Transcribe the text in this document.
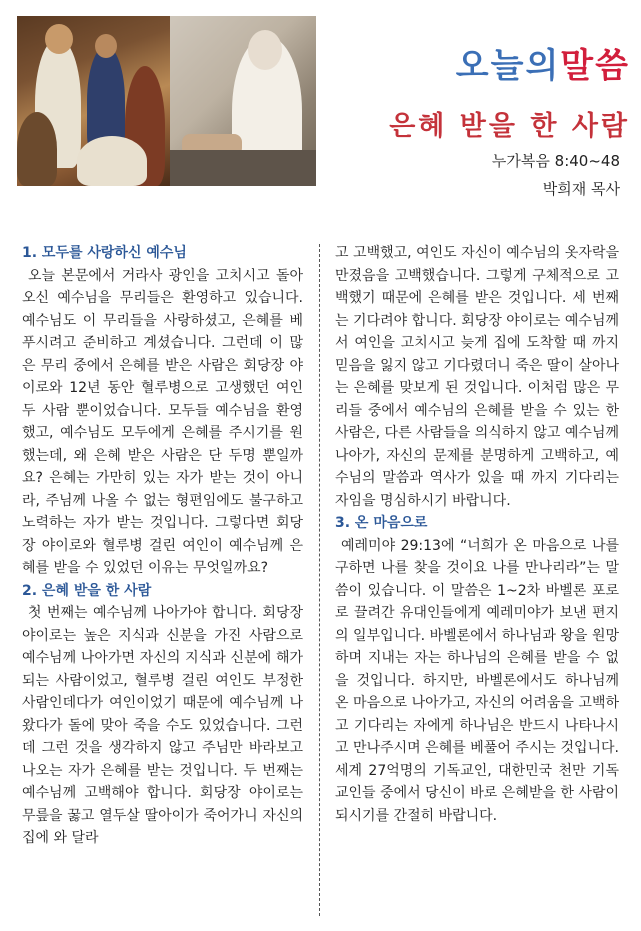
오늘의말씀
은혜 받을 한 사람
누가복음 8:40~48
박희재 목사
1. 모두를 사랑하신 예수님
오늘 본문에서 거라사 광인을 고치시고 돌아오신 예수님을 무리들은 환영하고 있습니다. 예수님도 이 무리들을 사랑하셨고, 은혜를 베푸시려고 준비하고 계셨습니다. 그런데 이 많은 무리 중에서 은혜를 받은 사람은 회당장 야이로와 12년 동안 혈루병으로 고생했던 여인 두 사람 뿐이었습니다. 모두들 예수님을 환영했고, 예수님도 모두에게 은혜를 주시기를 원했는데, 왜 은혜 받은 사람은 단 두명 뿐일까요? 은혜는 가만히 있는 자가 받는 것이 아니라, 주님께 나올 수 없는 형편임에도 불구하고 노력하는 자가 받는 것입니다. 그렇다면 회당장 야이로와 혈루병 걸린 여인이 예수님께 은혜를 받을 수 있었던 이유는 무엇일까요?
2. 은혜 받을 한 사람
첫 번째는 예수님께 나아가야 합니다. 회당장 야이로는 높은 지식과 신분을 가진 사람으로 예수님께 나아가면 자신의 지식과 신분에 해가 되는 사람이었고, 혈루병 걸린 여인도 부정한 사람인데다가 여인이었기 때문에 예수님께 나왔다가 돌에 맞아 죽을 수도 있었습니다. 그런데 그런 것을 생각하지 않고 주님만 바라보고 나오는 자가 은혜를 받는 것입니다. 두 번째는 예수님께 고백해야 합니다. 회당장 야이로는 무릎을 꿇고 열두살 딸아이가 죽어가니 자신의 집에 와 달라
고 고백했고, 여인도 자신이 예수님의 옷자락을 만졌음을 고백했습니다. 그렇게 구체적으로 고백했기 때문에 은혜를 받은 것입니다. 세 번째는 기다려야 합니다. 회당장 야이로는 예수님께서 여인을 고치시고 늦게 집에 도착할 때 까지 믿음을 잃지 않고 기다렸더니 죽은 딸이 살아나는 은혜를 맞보게 된 것입니다. 이처럼 많은 무리들 중에서 예수님의 은혜를 받을 수 있는 한 사람은, 다른 사람들을 의식하지 않고 예수님께 나아가, 자신의 문제를 분명하게 고백하고, 예수님의 말씀과 역사가 있을 때 까지 기다리는 자임을 명심하시기 바랍니다.
3. 온 마음으로
예레미야 29:13에 “너희가 온 마음으로 나를 구하면 나를 찾을 것이요 나를 만나리라”는 말씀이 있습니다. 이 말씀은 1~2차 바벨론 포로로 끌려간 유대인들에게 예레미야가 보낸 편지의 일부입니다. 바벨론에서 하나님과 왕을 원망하며 지내는 자는 하나님의 은혜를 받을 수 없을 것입니다. 하지만, 바벨론에서도 하나님께 온 마음으로 나아가고, 자신의 어려움을 고백하고 기다리는 자에게 하나님은 반드시 나타나시고 만나주시며 은혜를 베풀어 주시는 것입니다. 세계 27억명의 기독교인, 대한민국 천만 기독교인들 중에서 당신이 바로 은혜받을 한 사람이 되시기를 간절히 바랍니다.
